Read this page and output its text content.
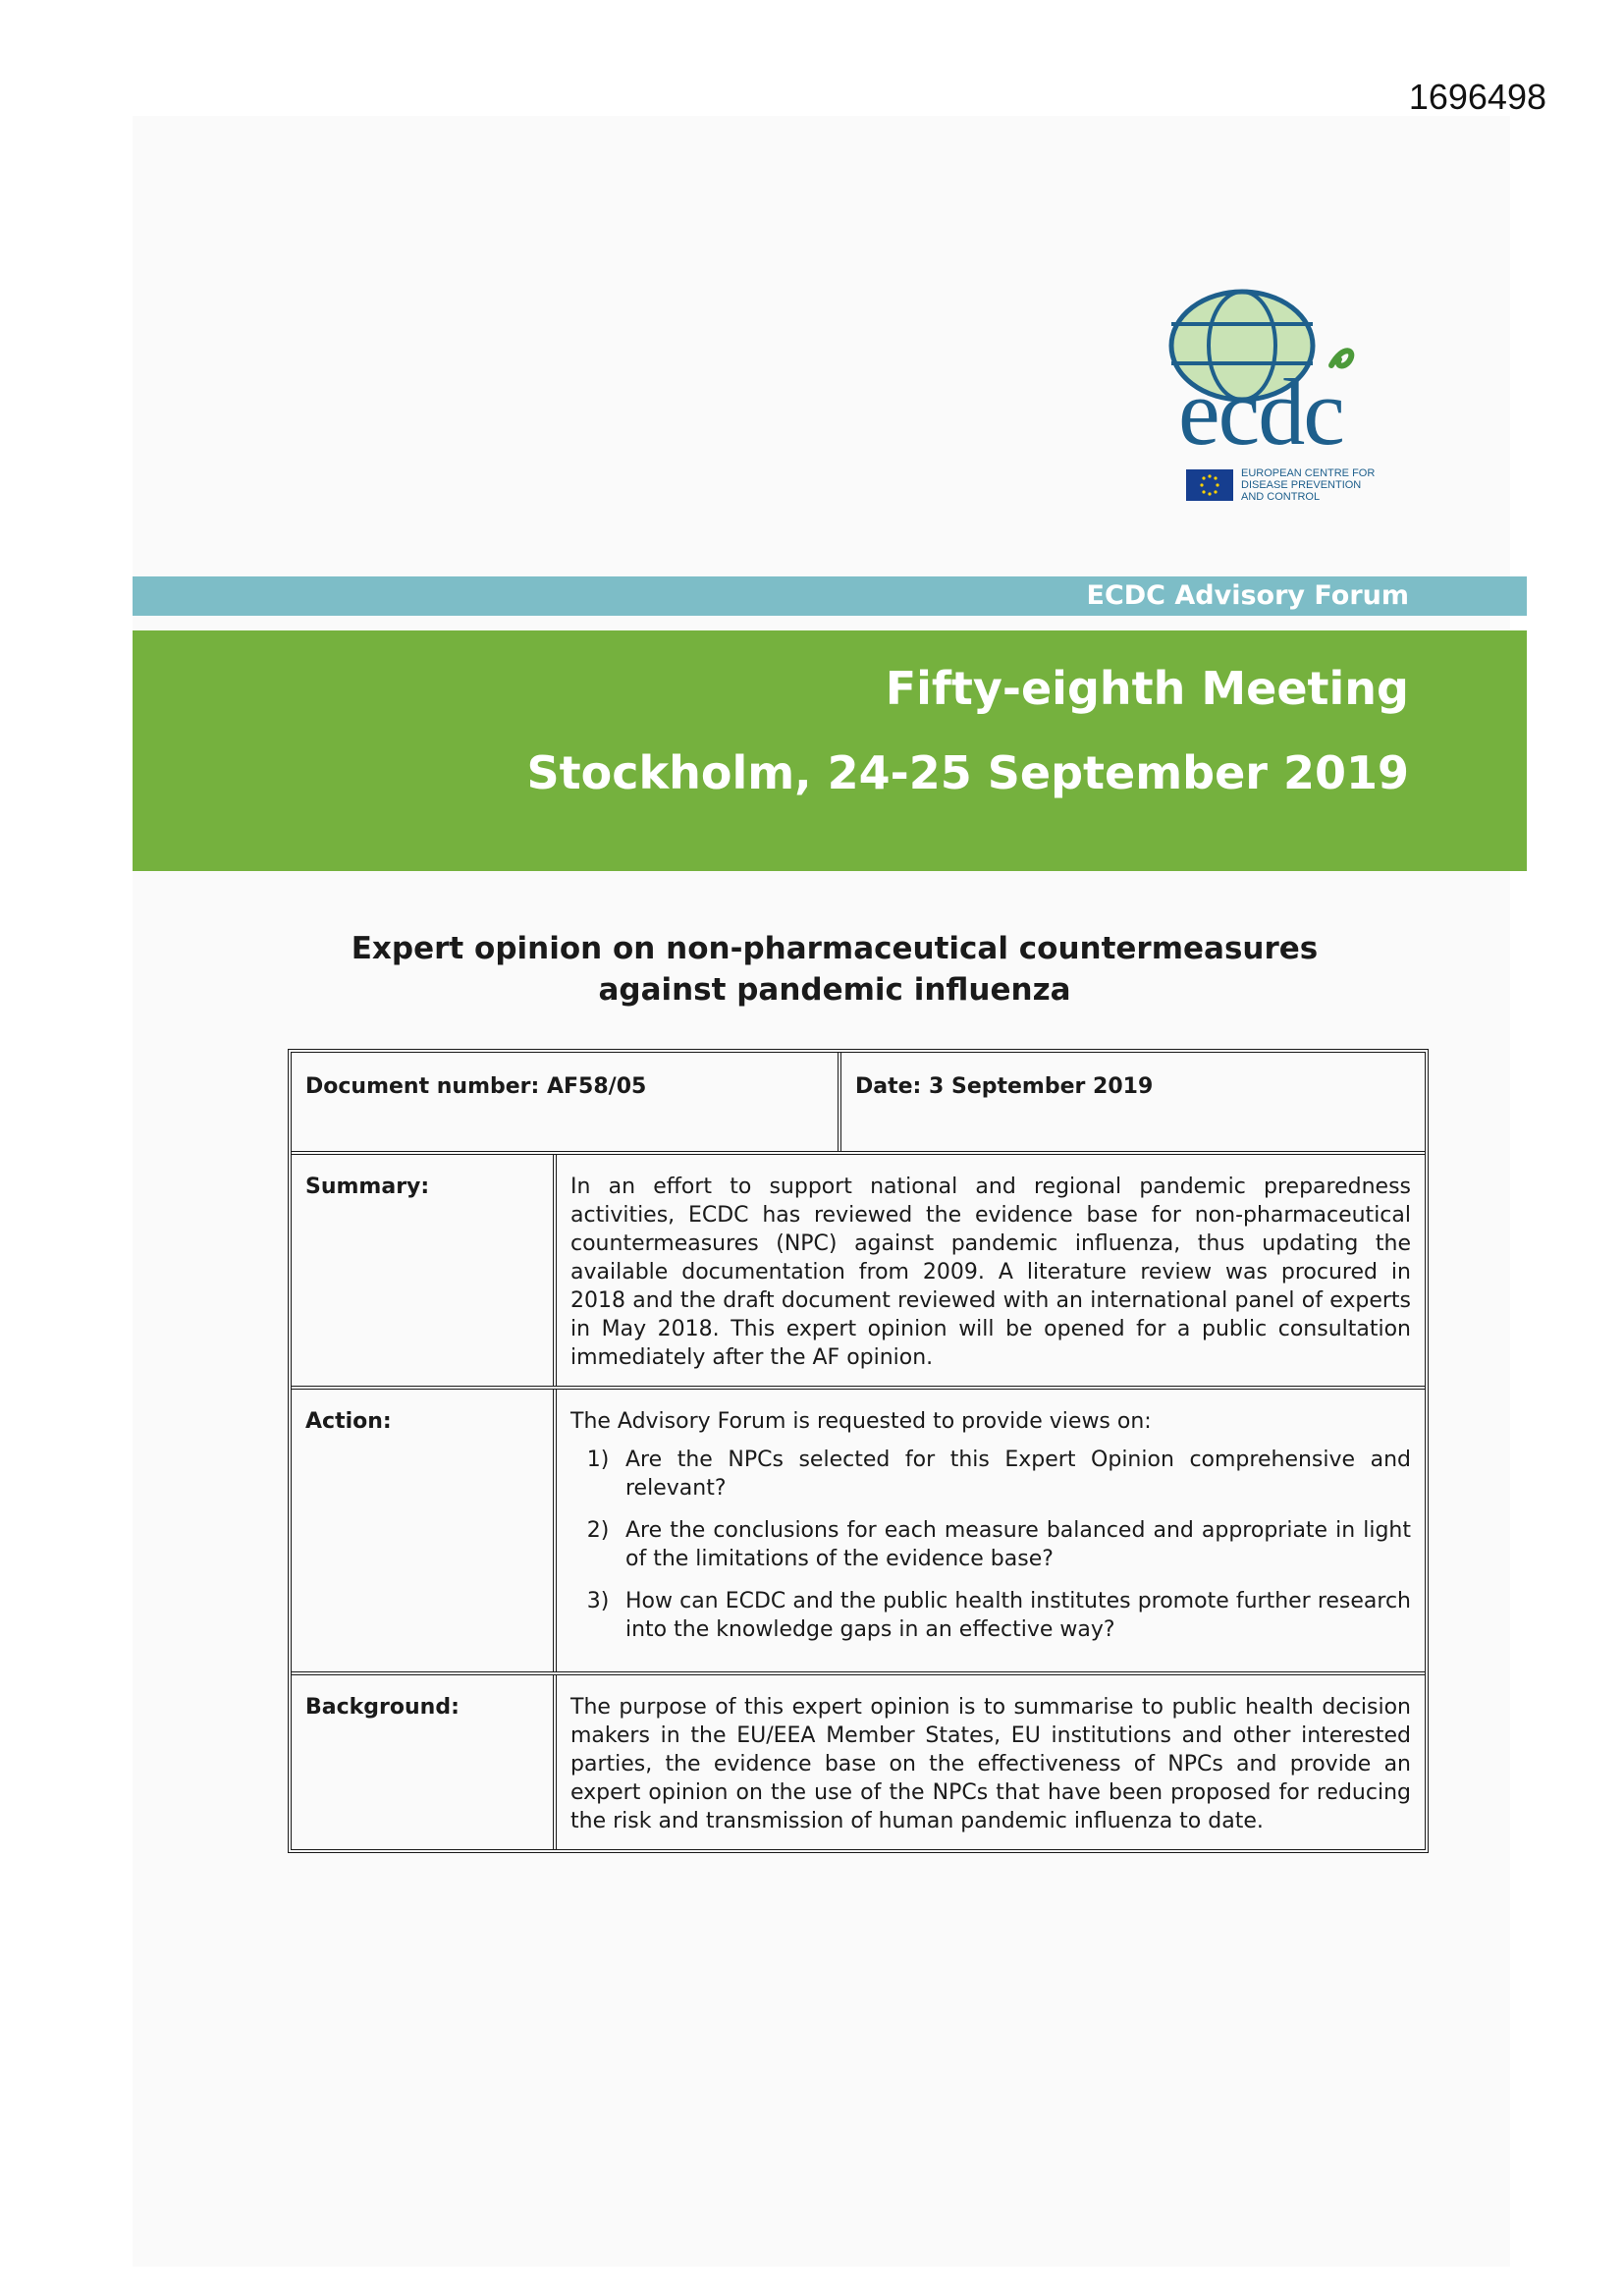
1696498
ecdc
EUROPEAN CENTRE FOR
DISEASE PREVENTION
AND CONTROL
ECDC Advisory Forum
Fifty-eighth Meeting
Stockholm, 24-25 September 2019
Expert opinion on non-pharmaceutical countermeasures
against pandemic influenza
Document number: AF58/05	Date: 3 September 2019
Summary:	In an effort to support national and regional pandemic preparedness activities, ECDC has reviewed the evidence base for non-pharmaceutical countermeasures (NPC) against pandemic influenza, thus updating the available documentation from 2009. A literature review was procured in 2018 and the draft document reviewed with an international panel of experts in May 2018. This expert opinion will be opened for a public consultation immediately after the AF opinion.
Action:	The Advisory Forum is requested to provide views on:
1) Are the NPCs selected for this Expert Opinion comprehensive and relevant?
2) Are the conclusions for each measure balanced and appropriate in light of the limitations of the evidence base?
3) How can ECDC and the public health institutes promote further research into the knowledge gaps in an effective way?
Background:	The purpose of this expert opinion is to summarise to public health decision makers in the EU/EEA Member States, EU institutions and other interested parties, the evidence base on the effectiveness of NPCs and provide an expert opinion on the use of the NPCs that have been proposed for reducing the risk and transmission of human pandemic influenza to date.
